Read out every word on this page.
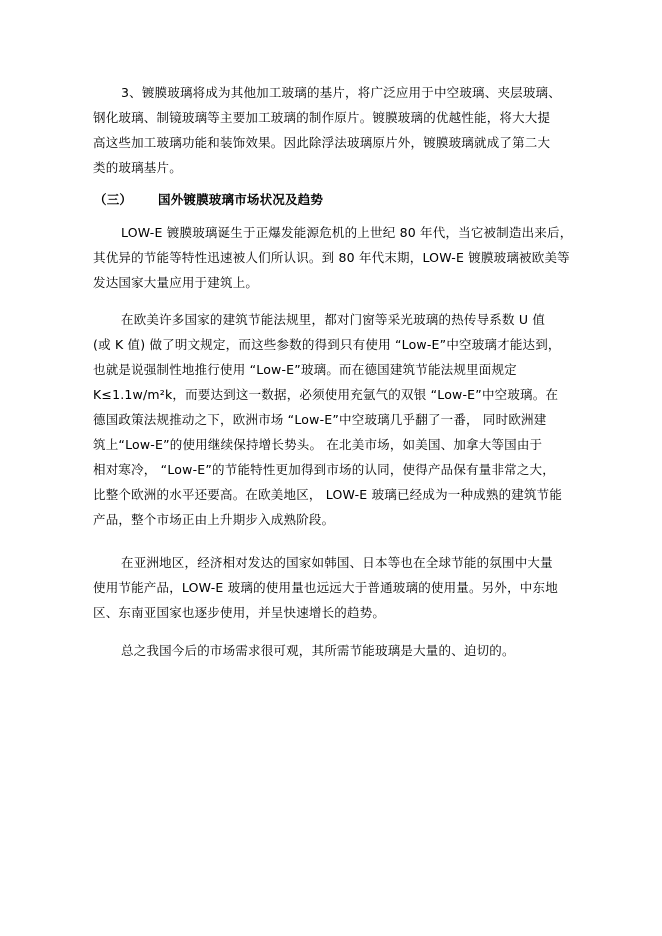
3、镀膜玻璃将成为其他加工玻璃的基片，将广泛应用于中空玻璃、夹层玻璃、
钢化玻璃、制镜玻璃等主要加工玻璃的制作原片。镀膜玻璃的优越性能，将大大提
高这些加工玻璃功能和装饰效果。因此除浮法玻璃原片外，镀膜玻璃就成了第二大
类的玻璃基片。
（三） 国外镀膜玻璃市场状况及趋势
LOW-E 镀膜玻璃诞生于正爆发能源危机的上世纪 80 年代，当它被制造出来后，
其优异的节能等特性迅速被人们所认识。到 80 年代末期，LOW-E 镀膜玻璃被欧美等
发达国家大量应用于建筑上。
在欧美许多国家的建筑节能法规里，都对门窗等采光玻璃的热传导系数 U 值
(或 K 值) 做了明文规定，而这些参数的得到只有使用 “Low-E”中空玻璃才能达到，
也就是说强制性地推行使用 “Low-E”玻璃。而在德国建筑节能法规里面规定
K≤1.1w/m²k，而要达到这一数据，必须使用充氩气的双银 “Low-E”中空玻璃。在
德国政策法规推动之下，欧洲市场 “Low-E”中空玻璃几乎翻了一番， 同时欧洲建
筑上“Low-E”的使用继续保持增长势头。 在北美市场，如美国、加拿大等国由于
相对寒冷， “Low-E”的节能特性更加得到市场的认同，使得产品保有量非常之大，
比整个欧洲的水平还要高。在欧美地区， LOW-E 玻璃已经成为一种成熟的建筑节能
产品，整个市场正由上升期步入成熟阶段。
在亚洲地区，经济相对发达的国家如韩国、日本等也在全球节能的氛围中大量
使用节能产品，LOW-E 玻璃的使用量也远远大于普通玻璃的使用量。另外，中东地
区、东南亚国家也逐步使用，并呈快速增长的趋势。
总之我国今后的市场需求很可观，其所需节能玻璃是大量的、迫切的。
